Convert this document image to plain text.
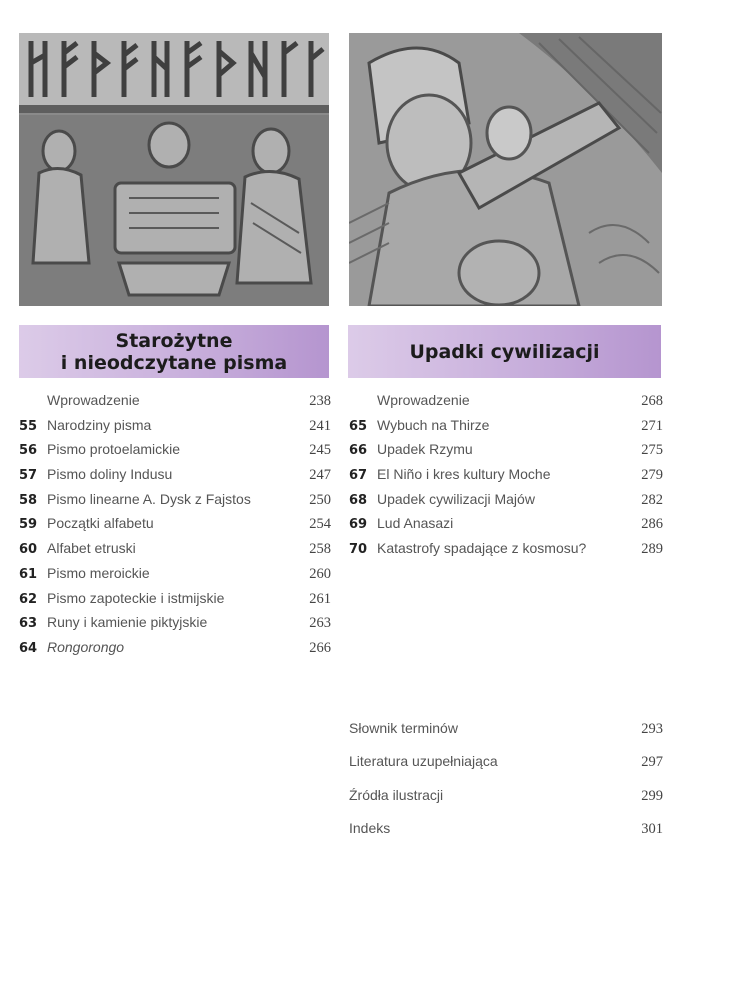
Starożytne
i nieodczytane pisma	Upadki cywilizacji
Wprowadzenie	238
55 Narodziny pisma	241
56 Pismo protoelamickie	245
57 Pismo doliny Indusu	247
58 Pismo linearne A. Dysk z Fajstos	250
59 Początki alfabetu	254
60 Alfabet etruski	258
61 Pismo meroickie	260
62 Pismo zapoteckie i istmijskie	261
63 Runy i kamienie piktyjskie	263
64 Rongorongo	266
Wprowadzenie	268
65 Wybuch na Thirze	271
66 Upadek Rzymu	275
67 El Niño i kres kultury Moche	279
68 Upadek cywilizacji Majów	282
69 Lud Anasazi	286
70 Katastrofy spadające z kosmosu?	289
Słownik terminów	293
Literatura uzupełniająca	297
Źródła ilustracji	299
Indeks	301
